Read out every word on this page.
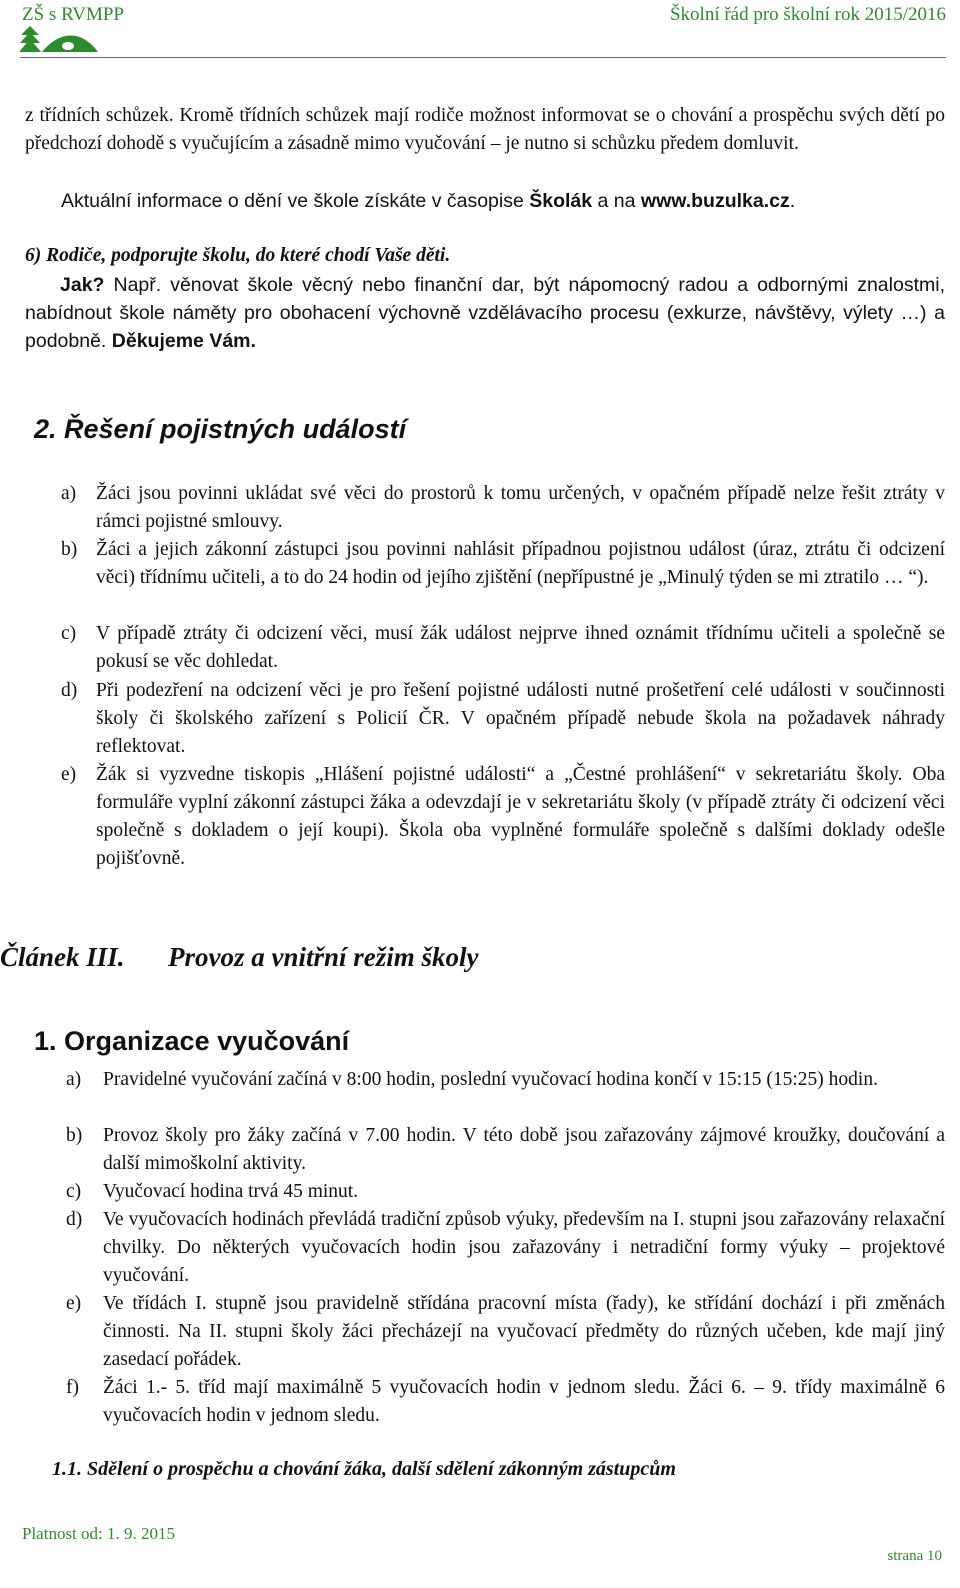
ZŠ s RVMPP	Školní řád pro školní rok 2015/2016

z třídních schůzek. Kromě třídních schůzek mají rodiče možnost informovat se o chování a prospěchu svých dětí po předchozí dohodě s vyučujícím a zásadně mimo vyučování – je nutno si schůzku předem domluvit.

Aktuální informace o dění ve škole získáte v časopise Školák a na www.buzulka.cz.

6) Rodiče, podporujte školu, do které chodí Vaše děti.

Jak? Např. věnovat škole věcný nebo finanční dar, být nápomocný radou a odbornými znalostmi, nabídnout škole náměty pro obohacení výchovně vzdělávacího procesu (exkurze, návštěvy, výlety …) a podobně. Děkujeme Vám.

2. Řešení pojistných událostí
a) Žáci jsou povinni ukládat své věci do prostorů k tomu určených, v opačném případě nelze řešit ztráty v rámci pojistné smlouvy.
b) Žáci a jejich zákonní zástupci jsou povinni nahlásit případnou pojistnou událost (úraz, ztrátu či odcizení věci) třídnímu učiteli, a to do 24 hodin od jejího zjištění (nepřípustné je „Minulý týden se mi ztratilo … “).
c) V případě ztráty či odcizení věci, musí žák událost nejprve ihned oznámit třídnímu učiteli a společně se pokusí se věc dohledat.
d) Při podezření na odcizení věci je pro řešení pojistné události nutné prošetření celé události v součinnosti školy či školského zařízení s Policií ČR. V opačném případě nebude škola na požadavek náhrady reflektovat.
e) Žák si vyzvedne tiskopis „Hlášení pojistné události“ a „Čestné prohlášení“ v sekretariátu školy. Oba formuláře vyplní zákonní zástupci žáka a odevzdají je v sekretariátu školy (v případě ztráty či odcizení věci společně s dokladem o její koupi). Škola oba vyplněné formuláře společně s dalšími doklady odešle pojišťovně.
Článek III. Provoz a vnitřní režim školy
1. Organizace vyučování
a) Pravidelné vyučování začíná v 8:00 hodin, poslední vyučovací hodina končí v 15:15 (15:25) hodin.
b) Provoz školy pro žáky začíná v 7.00 hodin. V této době jsou zařazovány zájmové kroužky, doučování a další mimoškolní aktivity.
c) Vyučovací hodina trvá 45 minut.
d) Ve vyučovacích hodinách převládá tradiční způsob výuky, především na I. stupni jsou zařazovány relaxační chvilky. Do některých vyučovacích hodin jsou zařazovány i netradiční formy výuky – projektové vyučování.
e) Ve třídách I. stupně jsou pravidelně střídána pracovní místa (řady), ke střídání dochází i při změnách činnosti. Na II. stupni školy žáci přecházejí na vyučovací předměty do různých učeben, kde mají jiný zasedací pořádek.
f) Žáci 1.- 5. tříd mají maximálně 5 vyučovacích hodin v jednom sledu. Žáci 6. – 9. třídy maximálně 6 vyučovacích hodin v jednom sledu.
1.1. Sdělení o prospěchu a chování žáka, další sdělení zákonným zástupcům
Platnost od: 1. 9. 2015
strana 10
